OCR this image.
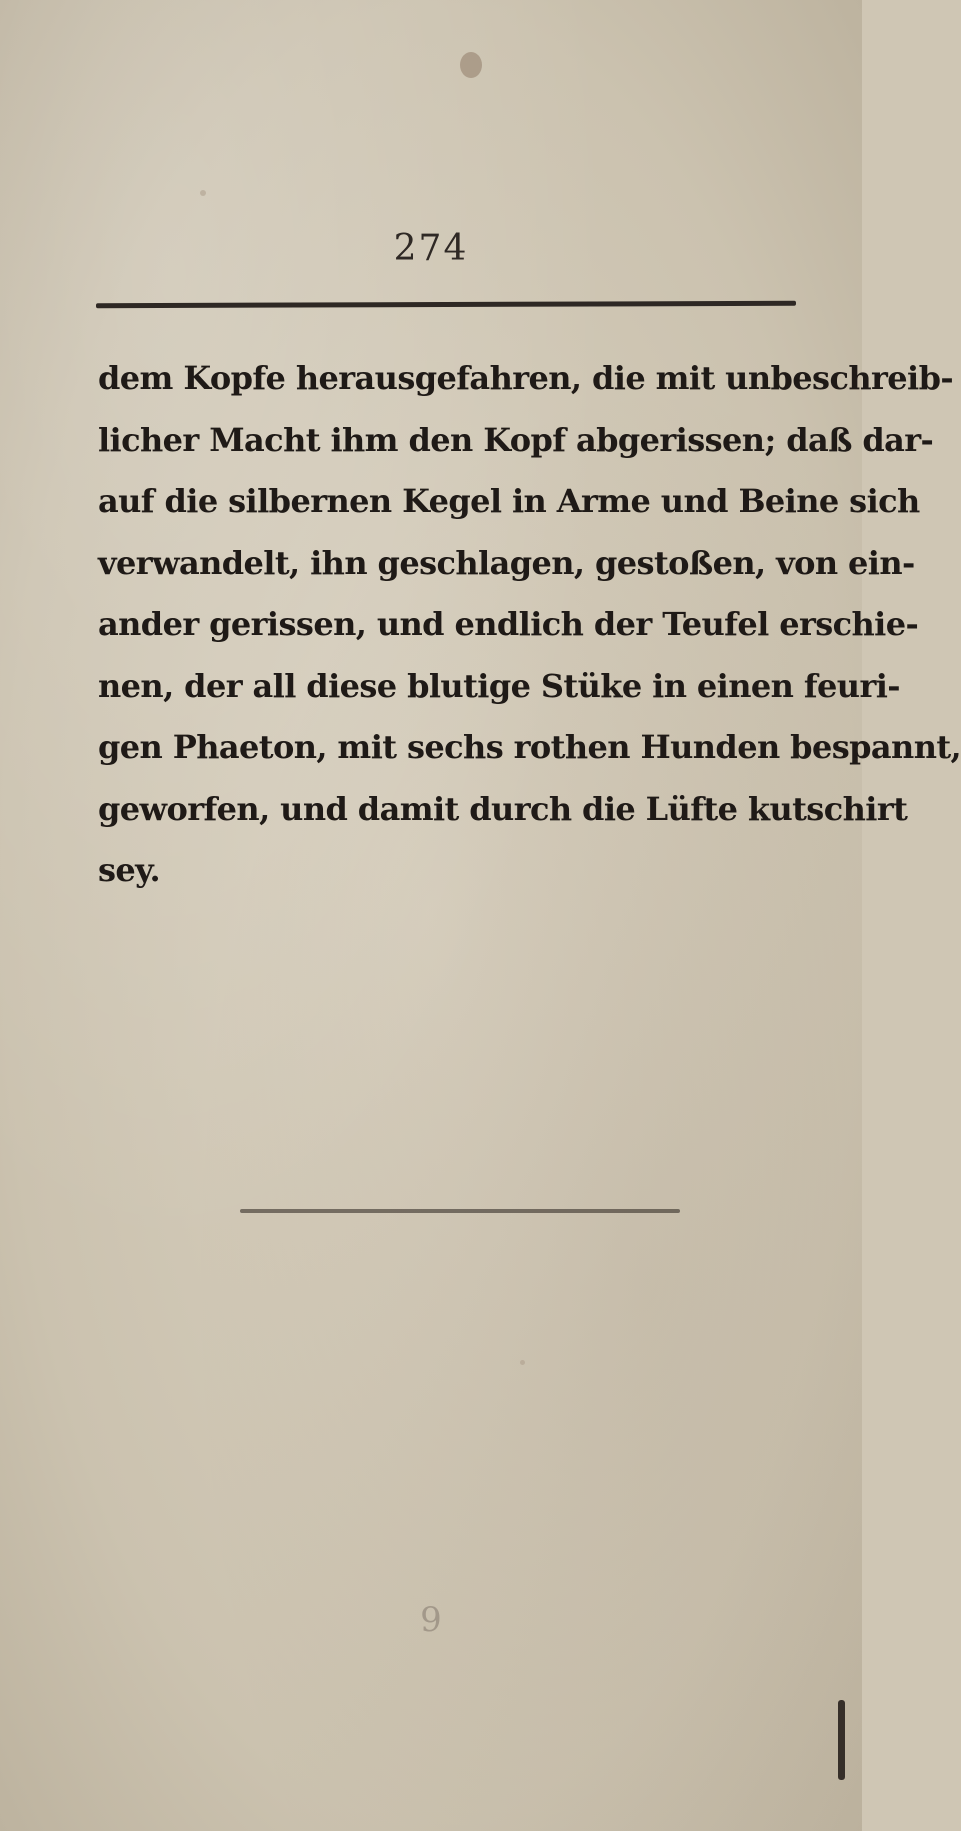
274
dem Kopfe herausgefahren, die mit unbeschreib-
licher Macht ihm den Kopf abgerissen; daß dar-
auf die silbernen Kegel in Arme und Beine sich
verwandelt, ihn geschlagen, gestoßen, von ein-
ander gerissen, und endlich der Teufel erschie-
nen, der all diese blutige Stüke in einen feuri-
gen Phaeton, mit sechs rothen Hunden bespannt,
geworfen, und damit durch die Lüfte kutschirt
sey.
9
